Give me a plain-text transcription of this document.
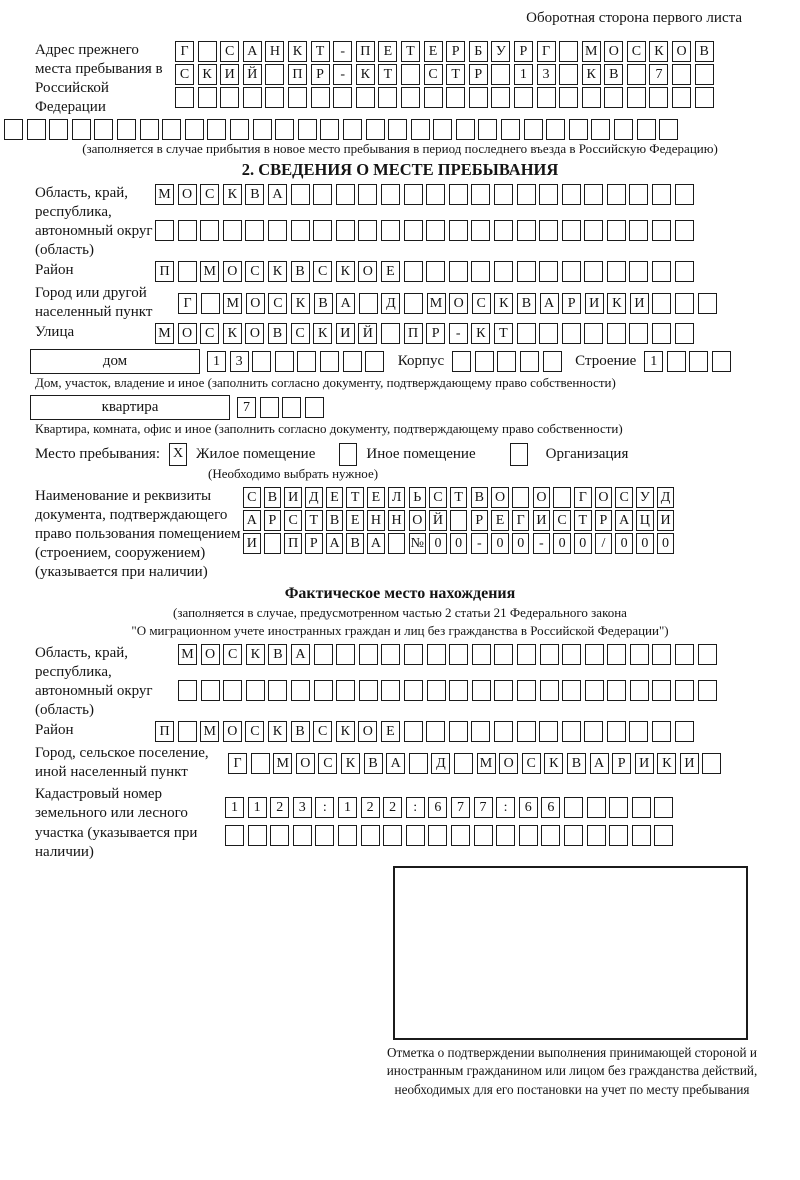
Оборотная сторона первого листа
Адрес прежнего места пребывания в Российской Федерации
Г	С А Н К Т	-	П Е	Т	Е	Р	Б У Р	Г	М О С К О В
С К И Й	П Р	-	К Т	С Т	Р	1	3	К В	7
(заполняется в случае прибытия в новое место пребывания в период последнего въезда в Российскую Федерацию)
2. СВЕДЕНИЯ О МЕСТЕ ПРЕБЫВАНИЯ
Область, край, республика, автономный округ (область)
М О С К В А
Район	П	М О С К В С К О Е
Город или другой населенный пункт
Г	М О С К В А	Д	М О С К В А Р И К И
Улица	М О С К О В С К И Й	П Р	-	К Т
дом	1	3	Корпус	Строение	1
Дом, участок, владение и иное (заполнить согласно документу, подтверждающему право собственности)
квартира	7
Квартира, комната, офис и иное (заполнить согласно документу, подтверждающему право собственности)
Место пребывания: X Жилое помещение	Иное помещение	Организация
(Необходимо выбрать нужное)
Наименование и реквизиты документа, подтверждающего право пользования помещением (строением, сооружением) (указывается при наличии)
С В И Д Е Т Е Л Ь С Т В О О	Г О С У Д
А Р С Т В Е Н Н О Й	Р Е Г И С Т Р А Ц И
И П Р А В А № 0 0	-	0 0	-	0 0	/	0 0 0
Фактическое место нахождения
(заполняется в случае, предусмотренном частью 2 статьи 21 Федерального закона
"О миграционном учете иностранных граждан и лиц без гражданства в Российской Федерации")
Область, край, республика, автономный округ (область)
М О С К В А
Район	П	М О С К В С К О Е
Город, сельское поселение, иной населенный пункт
Г	М О С К В А	Д	М О С К В А Р И К И
Кадастровый номер земельного или лесного участка (указывается при наличии)
1	1	2	3	:	1	2	2	:	6	7	7	:	6	6
Отметка о подтверждении выполнения принимающей стороной и иностранным гражданином или лицом без гражданства действий, необходимых для его постановки на учет по месту пребывания
